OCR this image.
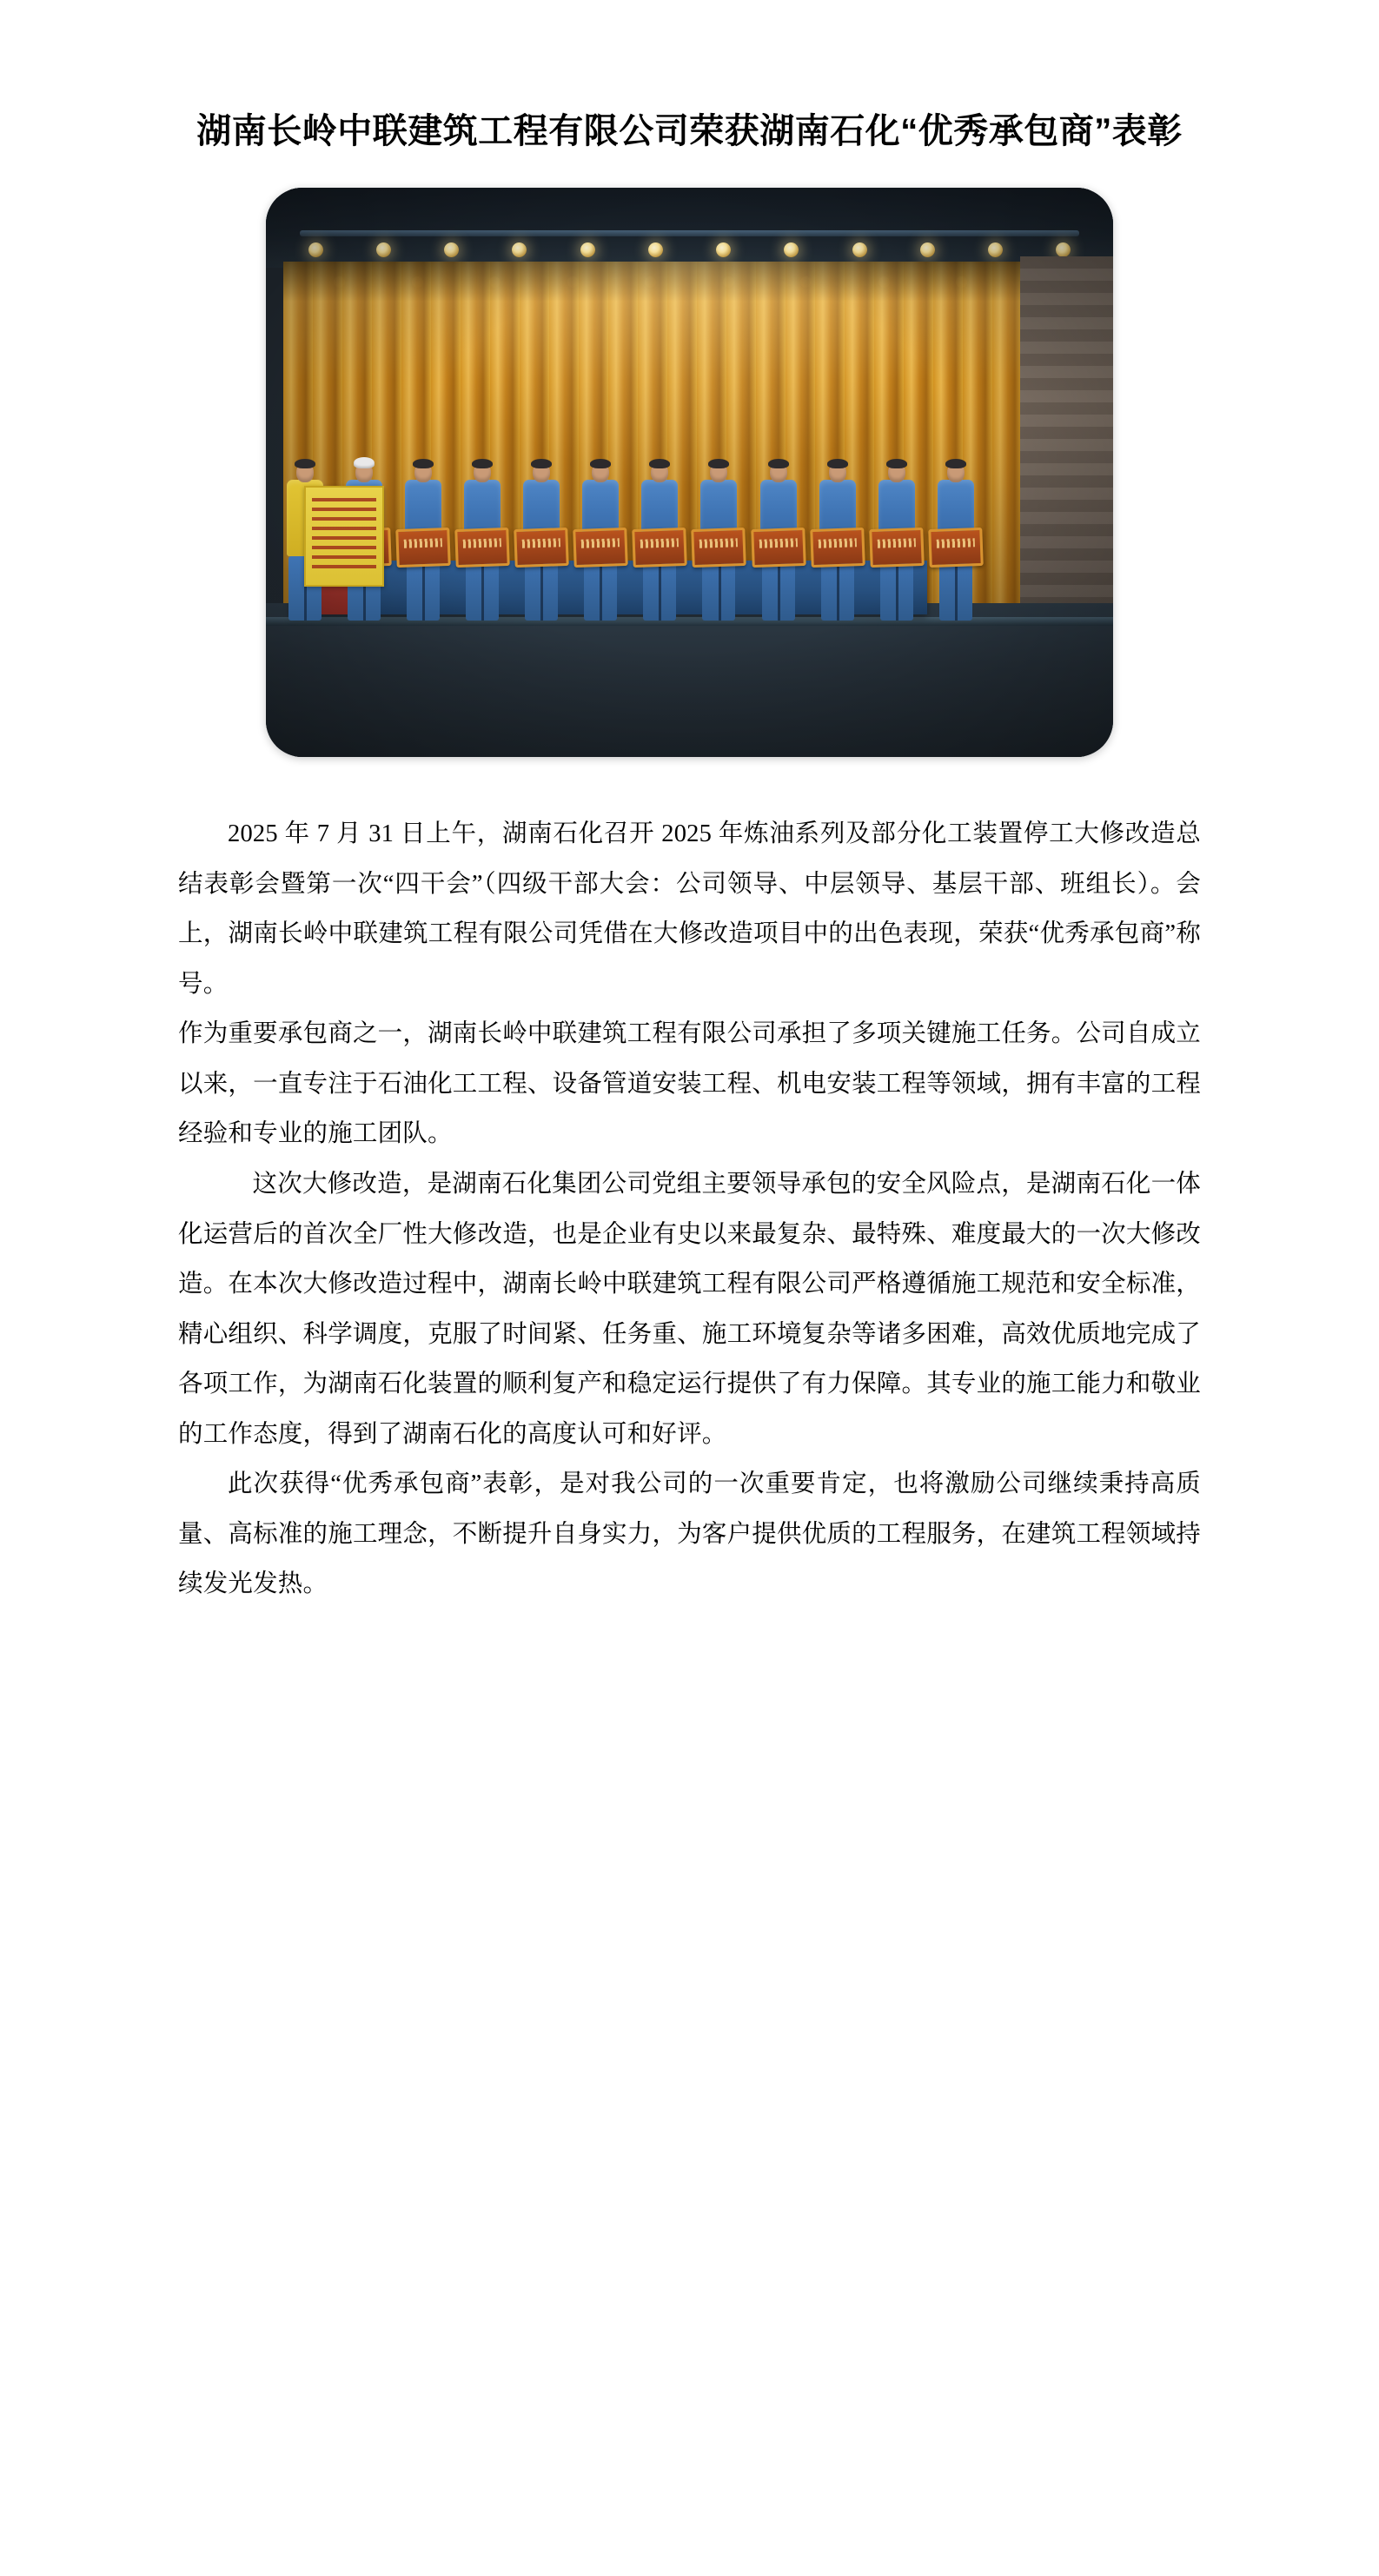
湖南长岭中联建筑工程有限公司荣获湖南石化“优秀承包商”表彰

2025 年 7 月 31 日上午，湖南石化召开 2025 年炼油系列及部分化工装置停工大修改造总结表彰会暨第一次“四干会”（四级干部大会：公司领导、中层领导、基层干部、班组长）。会上，湖南长岭中联建筑工程有限公司凭借在大修改造项目中的出色表现，荣获“优秀承包商”称号。

作为重要承包商之一，湖南长岭中联建筑工程有限公司承担了多项关键施工任务。公司自成立以来，一直专注于石油化工工程、设备管道安装工程、机电安装工程等领域，拥有丰富的工程经验和专业的施工团队。

这次大修改造，是湖南石化集团公司党组主要领导承包的安全风险点，是湖南石化一体化运营后的首次全厂性大修改造，也是企业有史以来最复杂、最特殊、难度最大的一次大修改造。在本次大修改造过程中，湖南长岭中联建筑工程有限公司严格遵循施工规范和安全标准，精心组织、科学调度，克服了时间紧、任务重、施工环境复杂等诸多困难，高效优质地完成了各项工作，为湖南石化装置的顺利复产和稳定运行提供了有力保障。其专业的施工能力和敬业的工作态度，得到了湖南石化的高度认可和好评。

此次获得“优秀承包商”表彰，是对我公司的一次重要肯定，也将激励公司继续秉持高质量、高标准的施工理念，不断提升自身实力，为客户提供优质的工程服务，在建筑工程领域持续发光发热。
